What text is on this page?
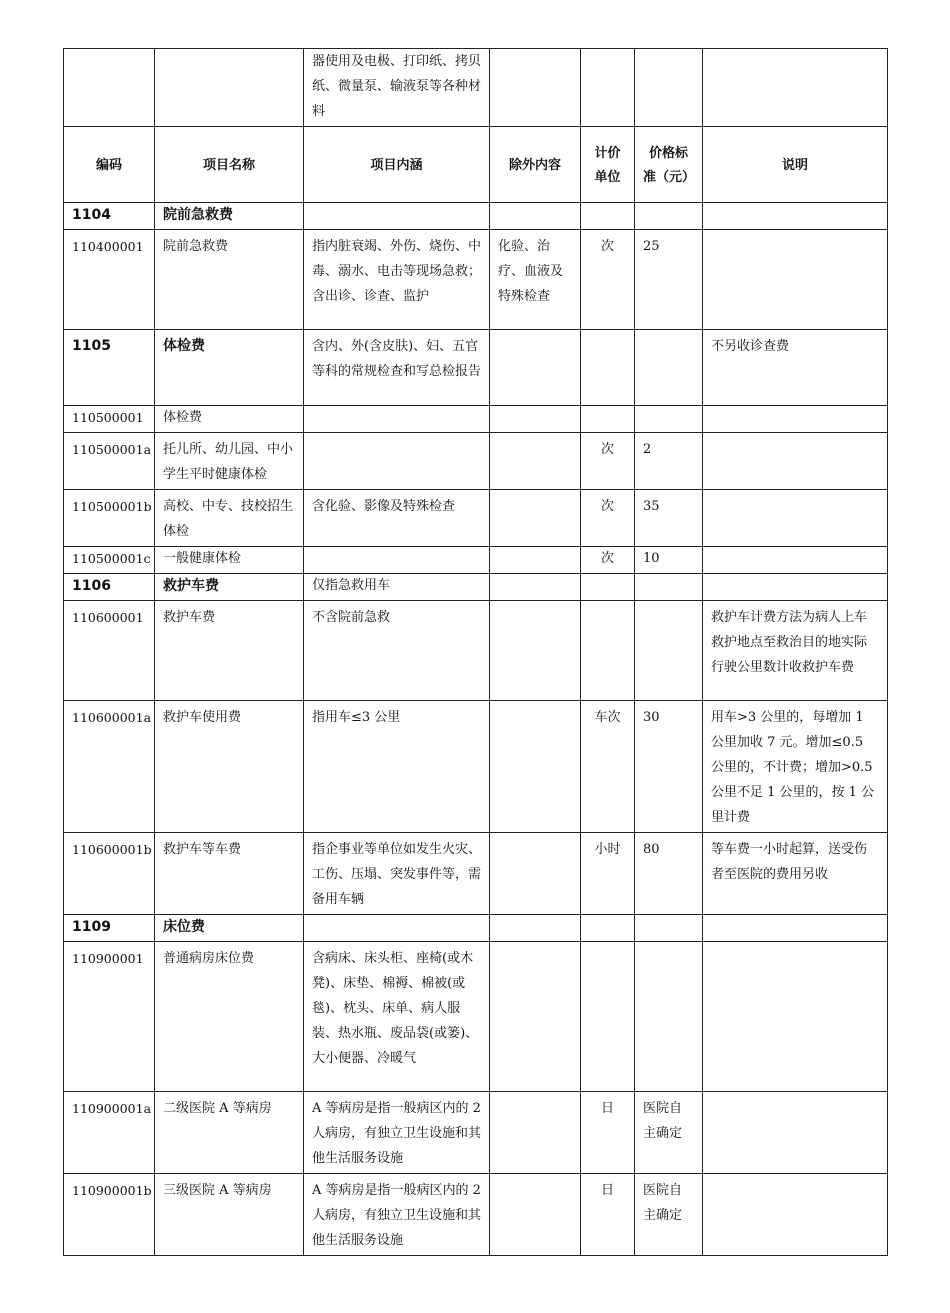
		器使用及电极、打印纸、拷贝纸、微量泵、输液泵等各种材料				
编码	项目名称	项目内涵	除外内容	计价单位	价格标准（元）	说明
1104	院前急救费					
110400001	院前急救费	指内脏衰竭、外伤、烧伤、中毒、溺水、电击等现场急救；含出诊、诊查、监护	化验、治疗、血液及特殊检查	次	25	
1105	体检费	含内、外(含皮肤)、妇、五官等科的常规检查和写总检报告				不另收诊查费
110500001	体检费					
110500001a	托儿所、幼儿园、中小学生平时健康体检			次	2	
110500001b	高校、中专、技校招生体检	含化验、影像及特殊检查		次	35	
110500001c	一般健康体检			次	10	
1106	救护车费	仅指急救用车				
110600001	救护车费	不含院前急救				救护车计费方法为病人上车救护地点至救治目的地实际行驶公里数计收救护车费
110600001a	救护车使用费	指用车≤3 公里		车次	30	用车>3 公里的，每增加 1 公里加收 7 元。增加≤0.5 公里的，不计费；增加>0.5 公里不足 1 公里的，按 1 公里计费
110600001b	救护车等车费	指企事业等单位如发生火灾、工伤、压塌、突发事件等，需备用车辆		小时	80	等车费一小时起算，送受伤者至医院的费用另收
1109	床位费					
110900001	普通病房床位费	含病床、床头柜、座椅(或木凳)、床垫、棉褥、棉被(或毯)、枕头、床单、病人服装、热水瓶、废品袋(或篓)、大小便器、冷暖气				
110900001a	二级医院 A 等病房	A 等病房是指一般病区内的 2 人病房，有独立卫生设施和其他生活服务设施		日	医院自主确定	
110900001b	三级医院 A 等病房	A 等病房是指一般病区内的 2 人病房，有独立卫生设施和其他生活服务设施		日	医院自主确定	
